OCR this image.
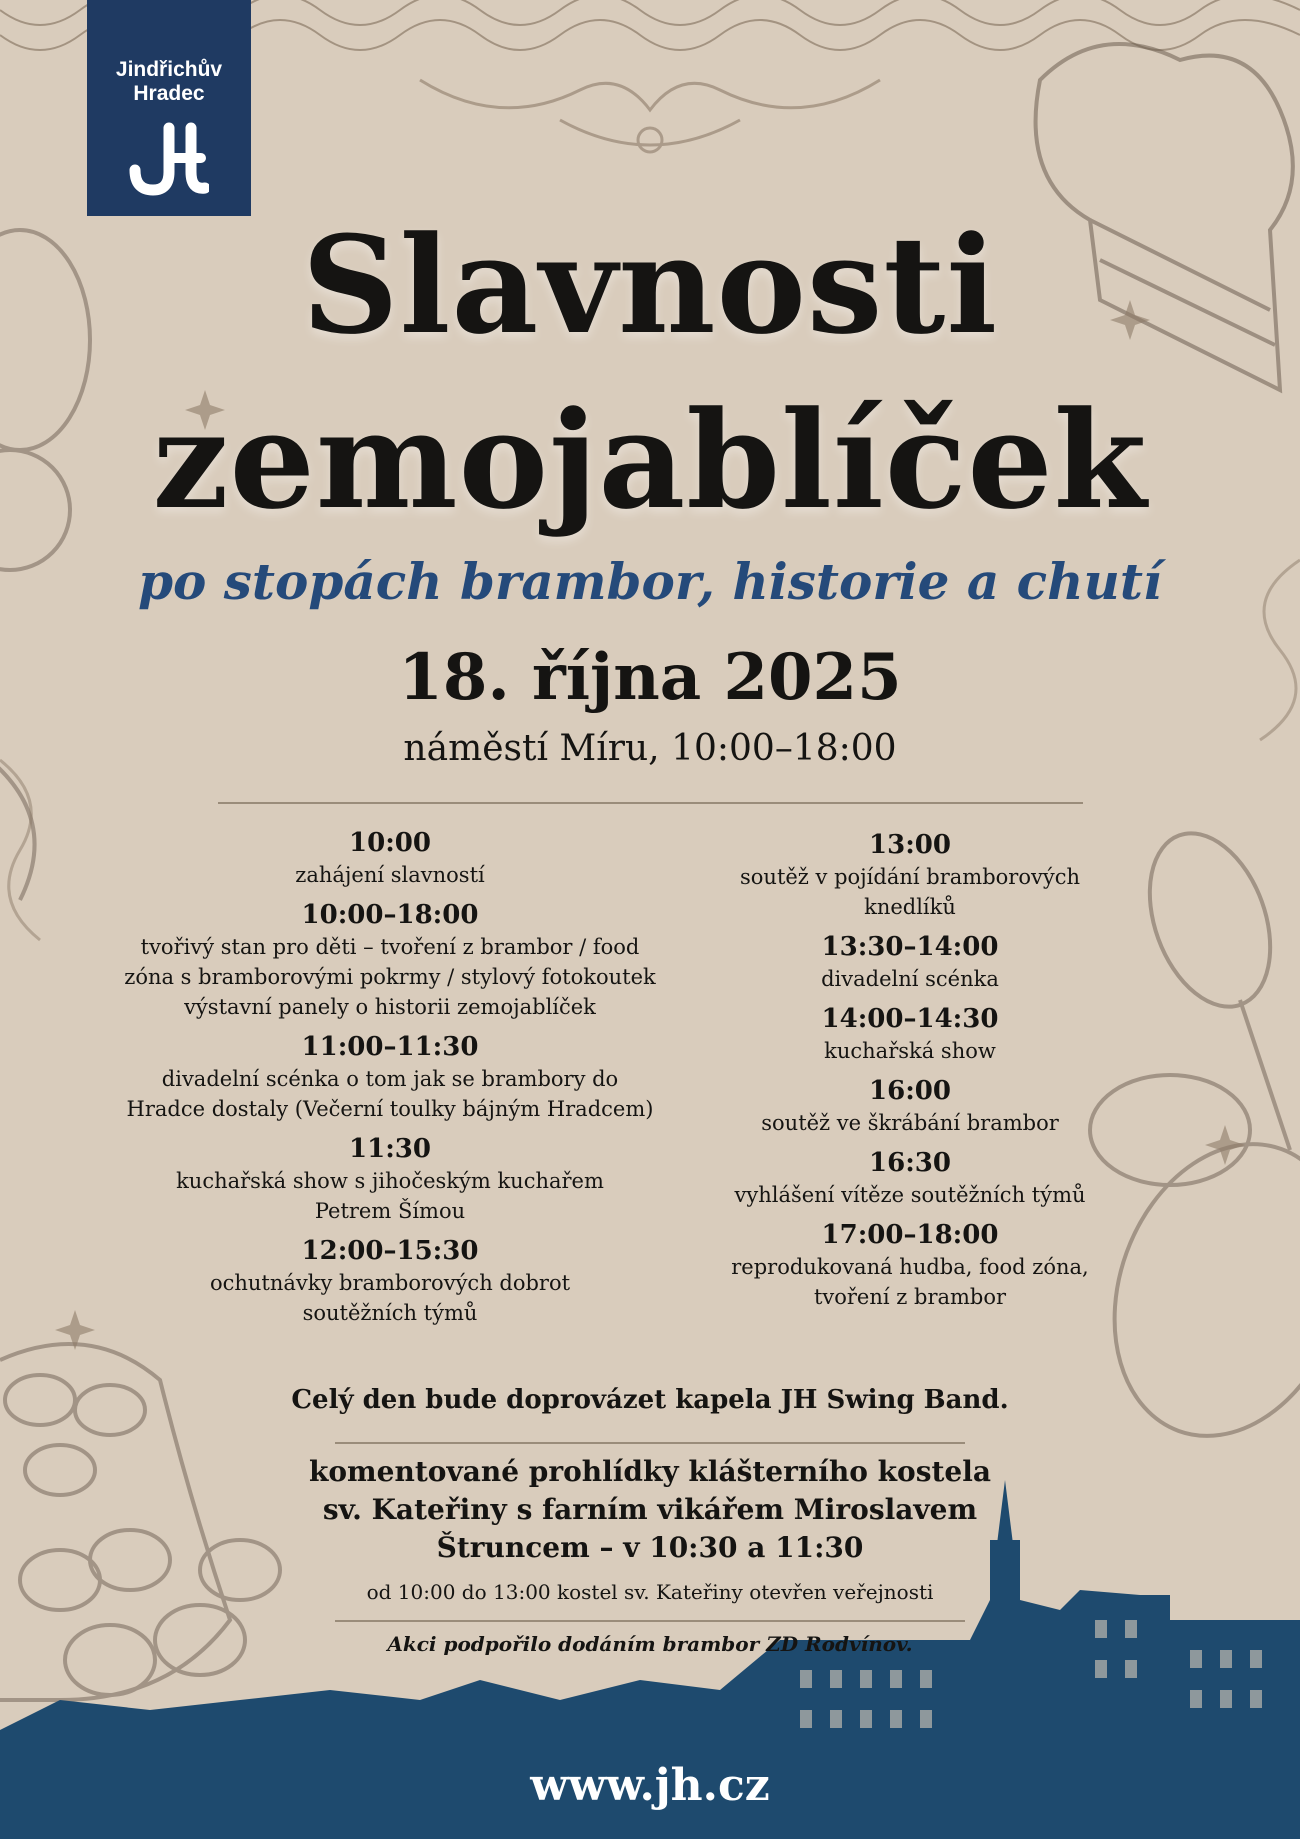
Jindřichův
Hradec
Slavnosti
zemojablíček
po stopách brambor, historie a chutí
18. října 2025
náměstí Míru, 10:00–18:00
10:00
zahájení slavností
10:00–18:00
tvořivý stan pro děti – tvoření z brambor / food
zóna s bramborovými pokrmy / stylový fotokoutek
výstavní panely o historii zemojablíček
11:00–11:30
divadelní scénka o tom jak se brambory do
Hradce dostaly (Večerní toulky bájným Hradcem)
11:30
kuchařská show s jihočeským kuchařem
Petrem Šímou
12:00–15:30
ochutnávky bramborových dobrot
soutěžních týmů
13:00
soutěž v pojídání bramborových
knedlíků
13:30–14:00
divadelní scénka
14:00–14:30
kuchařská show
16:00
soutěž ve škrábání brambor
16:30
vyhlášení vítěze soutěžních týmů
17:00–18:00
reprodukovaná hudba, food zóna,
tvoření z brambor
Celý den bude doprovázet kapela JH Swing Band.
komentované prohlídky klášterního kostela
sv. Kateřiny s farním vikářem Miroslavem
Štruncem – v 10:30 a 11:30
od 10:00 do 13:00 kostel sv. Kateřiny otevřen veřejnosti
Akci podpořilo dodáním brambor ZD Rodvínov.
www.jh.cz
